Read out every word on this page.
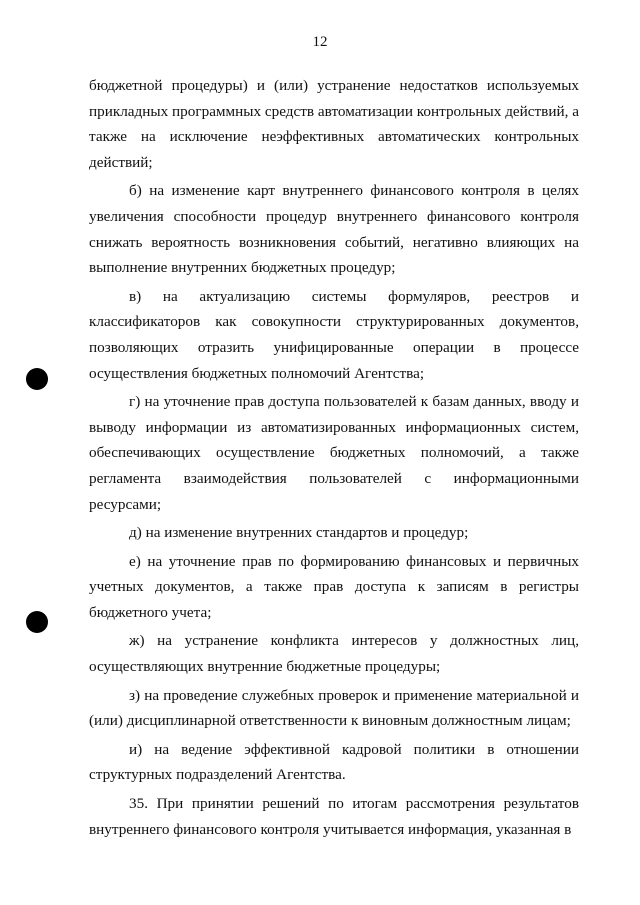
12

бюджетной процедуры) и (или) устранение недостатков используемых прикладных программных средств автоматизации контрольных действий, а также на исключение неэффективных автоматических контрольных действий;

б) на изменение карт внутреннего финансового контроля в целях увеличения способности процедур внутреннего финансового контроля снижать вероятность возникновения событий, негативно влияющих на выполнение внутренних бюджетных процедур;

в) на актуализацию системы формуляров, реестров и классификаторов как совокупности структурированных документов, позволяющих отразить унифицированные операции в процессе осуществления бюджетных полномочий Агентства;

г) на уточнение прав доступа пользователей к базам данных, вводу и выводу информации из автоматизированных информационных систем, обеспечивающих осуществление бюджетных полномочий, а также регламента взаимодействия пользователей с информационными ресурсами;

д) на изменение внутренних стандартов и процедур;

е) на уточнение прав по формированию финансовых и первичных учетных документов, а также прав доступа к записям в регистры бюджетного учета;

ж) на устранение конфликта интересов у должностных лиц, осуществляющих внутренние бюджетные процедуры;

з) на проведение служебных проверок и применение материальной и (или) дисциплинарной ответственности к виновным должностным лицам;

и) на ведение эффективной кадровой политики в отношении структурных подразделений Агентства.

35. При принятии решений по итогам рассмотрения результатов внутреннего финансового контроля учитывается информация, указанная в
